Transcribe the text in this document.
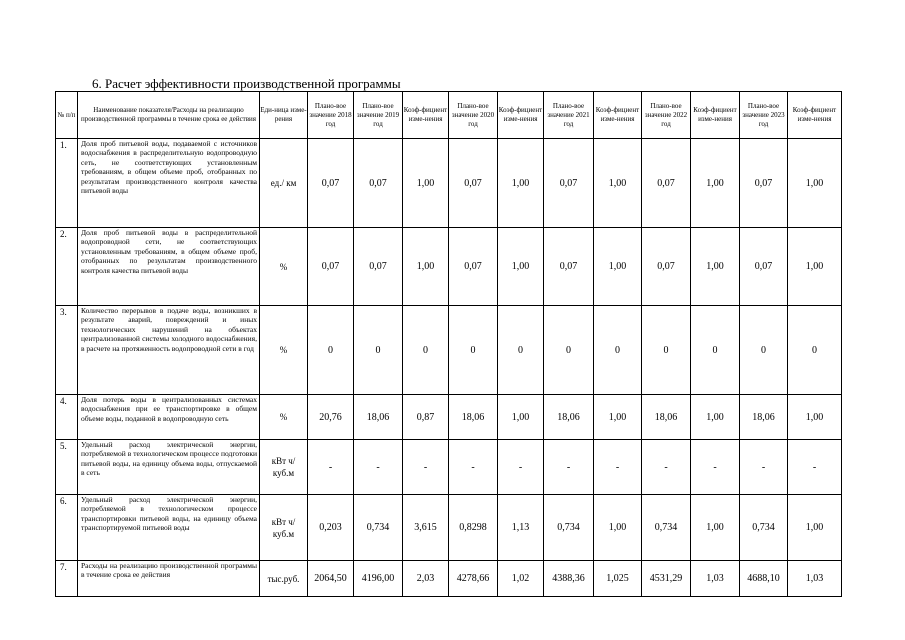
6. Расчет эффективности производственной программы
№ п/п	Наименование показателя/Расходы на реализацию производственной программы в течение срока ее действия	Еди-ница изме-рения	Плано-вое значение 2018 год	Плано-вое значение 2019 год	Коэф-фициент изме-нения	Плано-вое значение 2020 год	Коэф-фициент изме-нения	Плано-вое значение 2021 год	Коэф-фициент изме-нения	Плано-вое значение 2022 год	Коэф-фициент изме-нения	Плано-вое значение 2023 год	Коэф-фициент изме-нения
1.	Доля проб питьевой воды, подаваемой с источников водоснабжения в распределительную водопроводную сеть, не соответствующих установленным требованиям, в общем объеме проб, отобранных по результатам производственного контроля качества питьевой воды	ед./ км	0,07	0,07	1,00	0,07	1,00	0,07	1,00	0,07	1,00	0,07	1,00
2.	Доля проб питьевой воды в распределительной водопроводной сети, не соответствующих установленным требованиям, в общем объеме проб, отобранных по результатам производственного контроля качества питьевой воды	%	0,07	0,07	1,00	0,07	1,00	0,07	1,00	0,07	1,00	0,07	1,00
3.	Количество перерывов в подаче воды, возникших в результате аварий, повреждений и иных технологических нарушений на объектах централизованной системы холодного водоснабжения, в расчете на протяженность водопроводной сети в год	%	0	0	0	0	0	0	0	0	0	0	0
4.	Доля потерь воды в централизованных системах водоснабжения при ее транспортировке в общем объеме воды, поданной в водопроводную сеть	%	20,76	18,06	0,87	18,06	1,00	18,06	1,00	18,06	1,00	18,06	1,00
5.	Удельный расход электрической энергии, потребляемой в технологическом процессе подготовки питьевой воды, на единицу объема воды, отпускаемой в сеть	кВт ч/куб.м	-	-	-	-	-	-	-	-	-	-	-
6.	Удельный расход электрической энергии, потребляемой в технологическом процессе транспортировки питьевой воды, на единицу объема транспортируемой питьевой воды	кВт ч/куб.м	0,203	0,734	3,615	0,8298	1,13	0,734	1,00	0,734	1,00	0,734	1,00
7.	Расходы на реализацию производственной программы в течение срока ее действия	тыс.руб.	2064,50	4196,00	2,03	4278,66	1,02	4388,36	1,025	4531,29	1,03	4688,10	1,03
